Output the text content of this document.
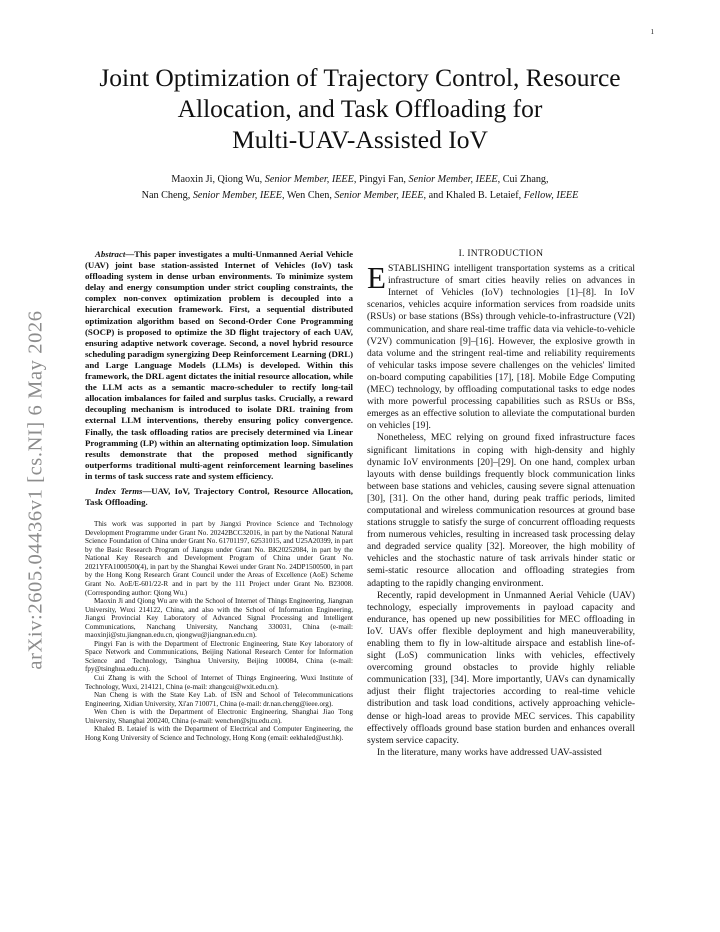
1
arXiv:2605.04436v1 [cs.NI] 6 May 2026
Joint Optimization of Trajectory Control, Resource
Allocation, and Task Offloading for
Multi-UAV-Assisted IoV
Maoxin Ji, Qiong Wu, Senior Member, IEEE, Pingyi Fan, Senior Member, IEEE, Cui Zhang,
Nan Cheng, Senior Member, IEEE, Wen Chen, Senior Member, IEEE, and Khaled B. Letaief, Fellow, IEEE

Abstract—This paper investigates a multi-Unmanned Aerial Vehicle (UAV) joint base station-assisted Internet of Vehicles (IoV) task offloading system in dense urban environments. To minimize system delay and energy consumption under strict coupling constraints, the complex non-convex optimization problem is decoupled into a hierarchical execution framework. First, a sequential distributed optimization algorithm based on Second-Order Cone Programming (SOCP) is proposed to optimize the 3D flight trajectory of each UAV, ensuring adaptive network coverage. Second, a novel hybrid resource scheduling paradigm synergizing Deep Reinforcement Learning (DRL) and Large Language Models (LLMs) is developed. Within this framework, the DRL agent dictates the initial resource allocation, while the LLM acts as a semantic macro-scheduler to rectify long-tail allocation imbalances for failed and surplus tasks. Crucially, a reward decoupling mechanism is introduced to isolate DRL training from external LLM interventions, thereby ensuring policy convergence. Finally, the task offloading ratios are precisely determined via Linear Programming (LP) within an alternating optimization loop. Simulation results demonstrate that the proposed method significantly outperforms traditional multi-agent reinforcement learning baselines in terms of task success rate and system efficiency.

Index Terms—UAV, IoV, Trajectory Control, Resource Allocation, Task Offloading.

This work was supported in part by Jiangxi Province Science and Technology Development Programme under Grant No. 20242BCC32016, in part by the National Natural Science Foundation of China under Grant No. 61701197, 62531015, and U25A20399, in part by the Basic Research Program of Jiangsu under Grant No. BK20252084, in part by the National Key Research and Development Program of China under Grant No. 2021YFA1000500(4), in part by the Shanghai Kewei under Grant No. 24DP1500500, in part by the Hong Kong Research Grant Council under the Areas of Excellence (AoE) Scheme Grant No. AoE/E-601/22-R and in part by the 111 Project under Grant No. B23008. (Corresponding author: Qiong Wu.)

Maoxin Ji and Qiong Wu are with the School of Internet of Things Engineering, Jiangnan University, Wuxi 214122, China, and also with the School of Information Engineering, Jiangxi Provincial Key Laboratory of Advanced Signal Processing and Intelligent Communications, Nanchang University, Nanchang 330031, China (e-mail: maoxinji@stu.jiangnan.edu.cn, qiongwu@jiangnan.edu.cn).

Pingyi Fan is with the Department of Electronic Engineering, State Key laboratory of Space Network and Communications, Beijing National Research Center for Information Science and Technology, Tsinghua University, Beijing 100084, China (e-mail: fpy@tsinghua.edu.cn).

Cui Zhang is with the School of Internet of Things Engineering, Wuxi Institute of Technology, Wuxi, 214121, China (e-mail: zhangcui@wxit.edu.cn).

Nan Cheng is with the State Key Lab. of ISN and School of Telecommunications Engineering, Xidian University, Xi'an 710071, China (e-mail: dr.nan.cheng@ieee.org).

Wen Chen is with the Department of Electronic Engineering, Shanghai Jiao Tong University, Shanghai 200240, China (e-mail: wenchen@sjtu.edu.cn).

Khaled B. Letaief is with the Department of Electrical and Computer Engineering, the Hong Kong University of Science and Technology, Hong Kong (email: eekhaled@ust.hk).

I. INTRODUCTION

ESTABLISHING intelligent transportation systems as a critical infrastructure of smart cities heavily relies on advances in Internet of Vehicles (IoV) technologies [1]–[8]. In IoV scenarios, vehicles acquire information services from roadside units (RSUs) or base stations (BSs) through vehicle-to-infrastructure (V2I) communication, and share real-time traffic data via vehicle-to-vehicle (V2V) communication [9]–[16]. However, the explosive growth in data volume and the stringent real-time and reliability requirements of vehicular tasks impose severe challenges on the vehicles' limited on-board computing capabilities [17], [18]. Mobile Edge Computing (MEC) technology, by offloading computational tasks to edge nodes with more powerful processing capabilities such as RSUs or BSs, emerges as an effective solution to alleviate the computational burden on vehicles [19].

Nonetheless, MEC relying on ground fixed infrastructure faces significant limitations in coping with high-density and highly dynamic IoV environments [20]–[29]. On one hand, complex urban layouts with dense buildings frequently block communication links between base stations and vehicles, causing severe signal attenuation [30], [31]. On the other hand, during peak traffic periods, limited computational and wireless communication resources at ground base stations struggle to satisfy the surge of concurrent offloading requests from numerous vehicles, resulting in increased task processing delay and degraded service quality [32]. Moreover, the high mobility of vehicles and the stochastic nature of task arrivals hinder static or semi-static resource allocation and offloading strategies from adapting to the rapidly changing environment.

Recently, rapid development in Unmanned Aerial Vehicle (UAV) technology, especially improvements in payload capacity and endurance, has opened up new possibilities for MEC offloading in IoV. UAVs offer flexible deployment and high maneuverability, enabling them to fly in low-altitude airspace and establish line-of-sight (LoS) communication links with vehicles, effectively overcoming ground obstacles to provide highly reliable communication [33], [34]. More importantly, UAVs can dynamically adjust their flight trajectories according to real-time vehicle distribution and task load conditions, actively approaching vehicle-dense or high-load areas to provide MEC services. This capability effectively offloads ground base station burden and enhances overall system service capacity.

In the literature, many works have addressed UAV-assisted
